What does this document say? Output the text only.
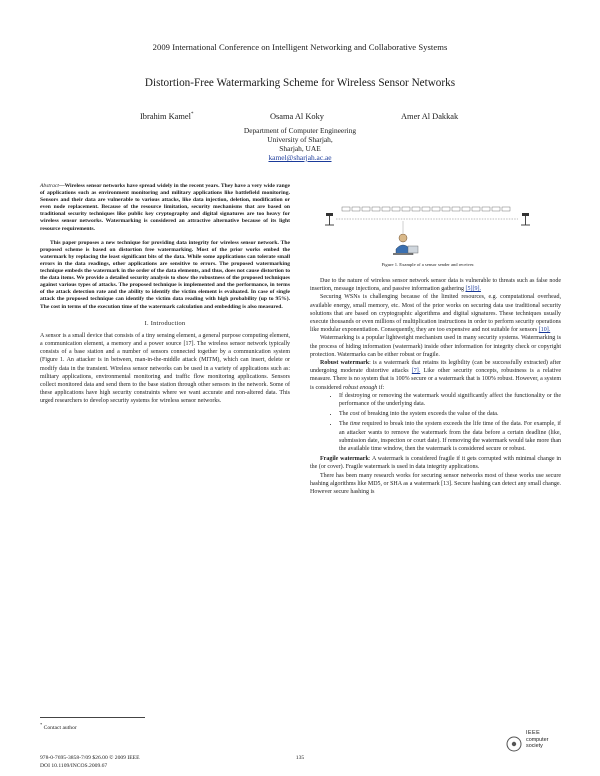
2009 International Conference on Intelligent Networking and Collaborative Systems
Distortion-Free Watermarking Scheme for Wireless Sensor Networks
Ibrahim Kamel*	Osama Al Koky	Amer Al Dakkak
Department of Computer Engineering
University of Sharjah,
Sharjah, UAE
kamel@sharjah.ac.ae

Abstract—Wireless sensor networks have spread widely in the recent years. They have a very wide range of applications such as environment monitoring and military applications like battlefield monitoring. Sensors and their data are vulnerable to various attacks, like data injection, deletion, modification or even node replacement. Because of the resource limitation, security mechanisms that are based on traditional security techniques like public key cryptography and digital signatures are too heavy for wireless sensor networks. Watermarking is considered an attractive alternative because of its light resource requirements.

This paper proposes a new technique for providing data integrity for wireless sensor network. The proposed scheme is based on distortion free watermarking. Most of the prior works embed the watermark by replacing the least significant bits of the data. While some applications can tolerate small errors in the data readings, other applications are sensitive to errors. The proposed watermarking technique embeds the watermark in the order of the data elements, and thus, does not cause distortion to the data items. We provide a detailed security analysis to show the robustness of the proposed techniques against various types of attacks. The proposed technique is implemented and the performance, in terms of the attack detection rate and the ability to identify the victim element is evaluated. In case of single attack the proposed technique can identify the victim data reading with high probability (up to 95%). The cost in terms of the execution time of the watermark calculation and embedding is also measured.

I. Introduction

A sensor is a small device that consists of a tiny sensing element, a general purpose computing element, a communication element, a memory and a power source [17]. The wireless sensor network typically consists of a base station and a number of sensors connected together by a communication system (Figure 1. An attacker is in between, man-in-the-middle attack (MITM), which can insert, delete or modify data in the transient. Wireless sensor networks can be used in a variety of applications such as: military applications, environmental monitoring and traffic flow monitoring applications. Sensors collect monitored data and send them to the base station through other sensors in the network. Some of these applications have high security constraints where we want accurate and non-altered data. This urged researchers to develop security systems for wireless sensor networks.

Figure 1. Example of a sensor sender and receiver.

Due to the nature of wireless sensor network sensor data is vulnerable to threats such as false node insertion, message injections, and passive information gathering [5][9].

Securing WSNs is challenging because of the limited resources, e.g. computational overhead, available energy, small memory, etc. Most of the prior works on securing data use traditional security solutions that are based on cryptographic algorithms and digital signatures. These techniques usually execute thousands or even millions of multiplication instructions in order to perform security operations like modular exponentiation. Consequently, they are too expensive and not suitable for sensors [10].

Watermarking is a popular lightweight mechanism used in many security systems. Watermarking is the process of hiding information (watermark) inside other information for integrity check or copyright protection. Watermarks can be either robust or fragile.

Robust watermark: is a watermark that retains its legibility (can be successfully extracted) after undergoing moderate distortive attacks [7]. Like other security concepts, robustness is a relative measure. There is no system that is 100% secure or a watermark that is 100% robust. However, a system is considered robust enough if:

• If destroying or removing the watermark would significantly affect the functionality or the performance of the underlying data.
• The cost of breaking into the system exceeds the value of the data.
• The time required to break into the system exceeds the life time of the data. For example, if an attacker wants to remove the watermark from the data before a certain deadline (like, submission date, inspection or court date). If removing the watermark would take more than the available time window, then the watermark is considered secure or robust.

Fragile watermark: A watermark is considered fragile if it gets corrupted with minimal change in the (or cover). Fragile watermark is used in data integrity applications.

There has been many research works for securing sensor networks most of these works use secure hashing algorithms like MD5, or SHA as a watermark [13]. Secure hashing can detect any small change. However secure hashing is

* Contact author
978-0-7695-3858-7/09 $26.00 © 2009 IEEE
DOI 10.1109/INCOS.2009.67
135
IEEE
computer society
